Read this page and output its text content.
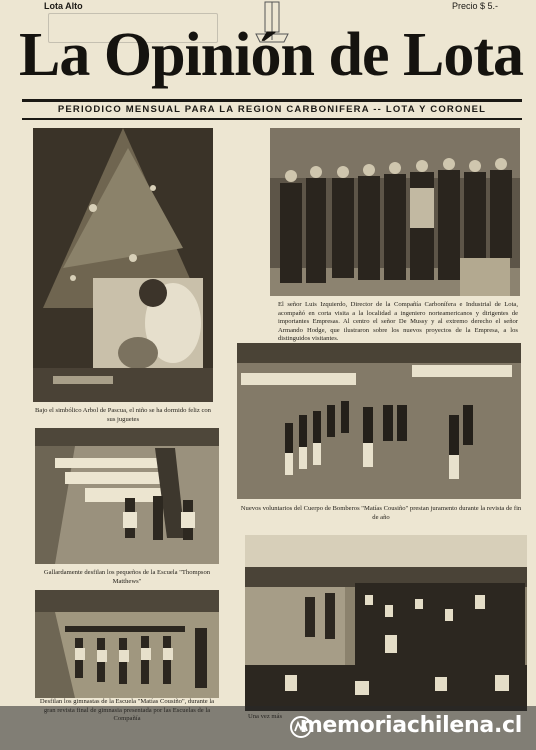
Lota Alto	Precio $ 5.-
La Opinión de Lota
PERIODICO MENSUAL PARA LA REGION CARBONIFERA -- LOTA Y CORONEL
Bajo el simbólico Arbol de Pascua, el niño se ha dormido feliz con sus juguetes
El señor Luis Izquierdo, Director de la Compañía Carbonífera e Industrial de Lota, acompañó en corta visita a la localidad a ingeniero norteamericanos y dirigentes de importantes Empresas. Al centro el señor De Mussy y al extremo derecho el señor Armando Hodge, que ilustraron sobre los nuevos proyectos de la Empresa, a los distinguidos visitantes.
Nuevos voluntarios del Cuerpo de Bomberos "Matías Cousiño" prestan juramento durante la revista de fin de año
Gallardamente desfilan los pequeños de la Escuela "Thompson Matthews"
Desfilan los gimnastas de la Escuela "Matías Cousiño", durante la
memoriachilena.cl
